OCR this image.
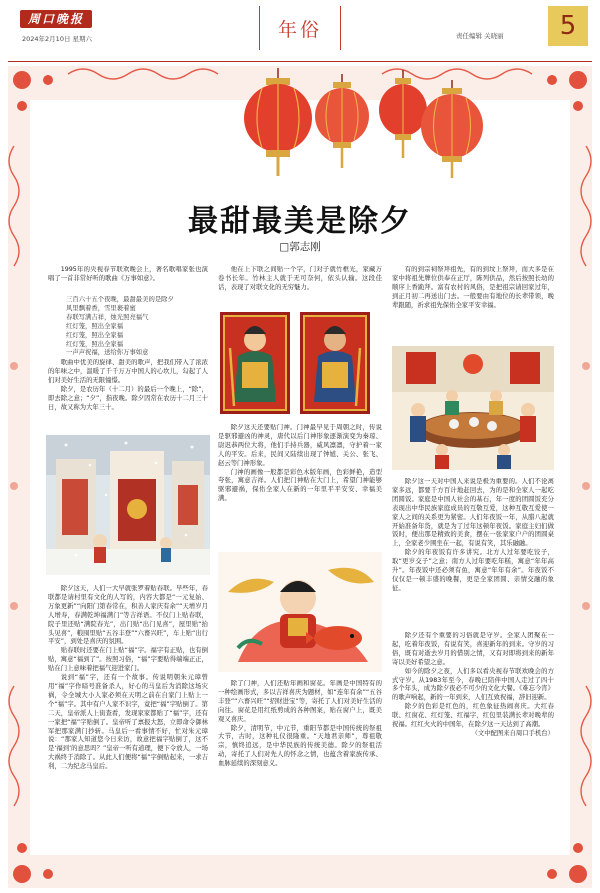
周口晚报
2024年2月10日 星期六	年俗	责任编辑 关晓丽	5
最甜最美是除夕
□郭志刚

1995年的央视春节联欢晚会上，著名歌唱家张也演唱了一首非常好听的歌曲《万事如意》。

三百六十五个夜晚，最甜最美的是除夕

风里飘着香，雪里裹着蜜

春联写满吉祥，烛光照亮福气

红灯笼，照出全家福

红灯笼，照出全家福

红灯笼，照出全家福

一声声祝福，送给你万事如意

歌曲中优美的旋律、甜美的歌声，把我们带入了浓浓的年味之中，温暖了千千万万中国人的心坎儿，勾起了人们对美好生活的无限憧憬。

除夕，是农历年（十二月）的最后一个晚上，“除”，即去除之意；“夕”，指夜晚。除夕因常在农历十二月三十日，故又称为大年三十。

除夕这天，人们一大早就张罗着贴春联。早些年，春联都是请村里有文化的人写的，内容大都是“一元复始、万象更新”“向阳门第春常在，积善人家庆有余”“天增岁月人增寿，春满乾坤福满门”等吉祥语。不仅门上贴春联，院子里还贴“满院春光”，出门贴“出门见喜”，屋里贴“抬头见喜”，粮囤里贴“五谷丰登”“六畜兴旺”，车上贴“出行平安”，到处是喜庆的氛围。

贴春联时还要在门上贴“福”字。福字有正贴，也有倒贴，寓意“福到了”。按照习俗，“福”字要贴得端端正正，贴在门上意味着把福气迎进家门。

说到“福”字，还有一个故事。传说明朝朱元璋曾用“福”字作暗号准备杀人，好心的马皇后为消除这场灾祸，令全城大小人家必须在天明之前在自家门上贴上一个“福”字。其中有户人家不识字，竟把“福”字贴倒了。第二天，皇帝派人上街查看，发现家家都贴了“福”字，还有一家把“福”字贴倒了。皇帝听了禀报大怒，立即命令御林军把那家满门抄斩。马皇后一看事情不好，忙对朱元璋说：“那家人知道您今日来访，故意把福字贴倒了，这不是‘福到’的意思吗？”皇帝一听有道理，便下令放人，一场大祸终于消除了。从此人们便将“福”字倒贴起来，一求吉利，二为纪念马皇后。

他在上下联之间贴一个字，门对子就竹框光，家藏万卷书长年。竹林主人就于无可奈何，依头认输。这段佳话，表现了对联文化的无穷魅力。

除夕这天还要贴门神。门神最早见于周朝之时，传说是驱邪避凶的神灵，唐代以后门神形象逐渐演变为秦琼、尉迟恭两位大将，他们手持兵器，威风凛凛，守护着一家人的平安。后来，民间又陆续出现了钟馗、关公、张飞、赵云等门神形象。

门神的画像一般都是彩色木版年画，色彩鲜艳，造型夸张，寓意吉祥。人们把门神贴在大门上，希望门神能够驱邪避祸，保佑全家人在新的一年里平平安安、幸福美满。

除了门神，人们还贴年画和窗花。年画是中国特有的一种绘画形式，多以吉祥喜庆为题材，如“连年有余”“五谷丰登”“六畜兴旺”“招财进宝”等，寄托了人们对美好生活的向往。窗花是用红纸剪成的各种图案，贴在窗户上，既美观又喜庆。

除夕，清明节，中元节，重阳节都是中国传统的祭祖大节，古时，这种礼仪很隆重。“天地君亲师”，尊祖敬宗，慎终追远，是中华民族的传统美德。除夕的祭祖活动，寄托了人们对先人的怀念之情，也蕴含着家族传承、血脉延续的深刻意义。

有的到宗祠祭拜祖先，有的到坟上祭拜，而大多是在家中将祖先牌位供奉在正厅，陈列供品，然后按照长幼的顺序上香跪拜。富有农村的风俗，是把祖宗请回家过年，到正月初二再送出门去。一般要由有地位的长辈带领，晚辈跟随，祈求祖先保佑全家平安幸福。

除夕这一天对中国人来说是极为重要的。人们不论离家多远，都要千方百计地赶回去，为的是和全家人一起吃团圆饭。家庭是中国人社会的基石，年一度的团圆饭充分表现出中华民族家庭成员的互敬互爱，这种互敬互爱使一家人之间的关系更为紧密。人们年夜饭一年，从腊八起就开始准备年货，就是为了过年这顿年夜饭。家庭主妇们做饭时，便出那是精致的美食，摆在一张家家户户的团圆桌上，全家老少围坐在一起，有说有笑，其乐融融。

除夕的年夜饭有许多讲究。北方人过年要吃饺子，取“更岁交子”之意；南方人过年要吃年糕，寓意“年年高升”。年夜饭中还必须有鱼，寓意“年年有余”。年夜饭不仅仅是一顿丰盛的晚餐，更是全家团圆、亲情交融的象征。

除夕还有个重要的习俗就是守岁。全家人团聚在一起，吃着年夜饭，有说有笑，喜迎新年的到来。守岁的习俗，既有对逝去岁月的惜别之情，又有对即将到来的新年寄以美好希望之意。

如今的除夕之夜，人们多以看央视春节联欢晚会的方式守岁。从1983年至今，春晚已陪伴中国人走过了四十多个年头，成为除夕夜必不可少的文化大餐。《难忘今宵》的歌声响起，新的一年到来，人们互致祝福，辞旧迎新。

除夕的色彩是红色的，红色象征热闹喜庆。大红春联、红窗花、红灯笼、红福字，红包里装满长辈对晚辈的祝福。红红火火的中国年，在除夕这一天达到了高潮。

（文中配图来自周口手机台）
